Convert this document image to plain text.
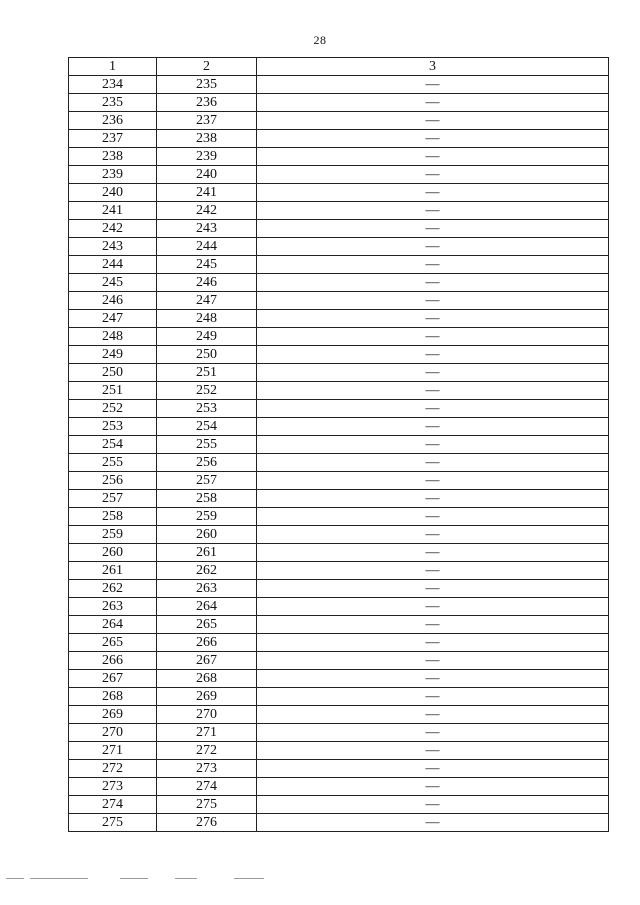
28
1	2	3
234	235	—
235	236	—
236	237	—
237	238	—
238	239	—
239	240	—
240	241	—
241	242	—
242	243	—
243	244	—
244	245	—
245	246	—
246	247	—
247	248	—
248	249	—
249	250	—
250	251	—
251	252	—
252	253	—
253	254	—
254	255	—
255	256	—
256	257	—
257	258	—
258	259	—
259	260	—
260	261	—
261	262	—
262	263	—
263	264	—
264	265	—
265	266	—
266	267	—
267	268	—
268	269	—
269	270	—
270	271	—
271	272	—
272	273	—
273	274	—
274	275	—
275	276	—
